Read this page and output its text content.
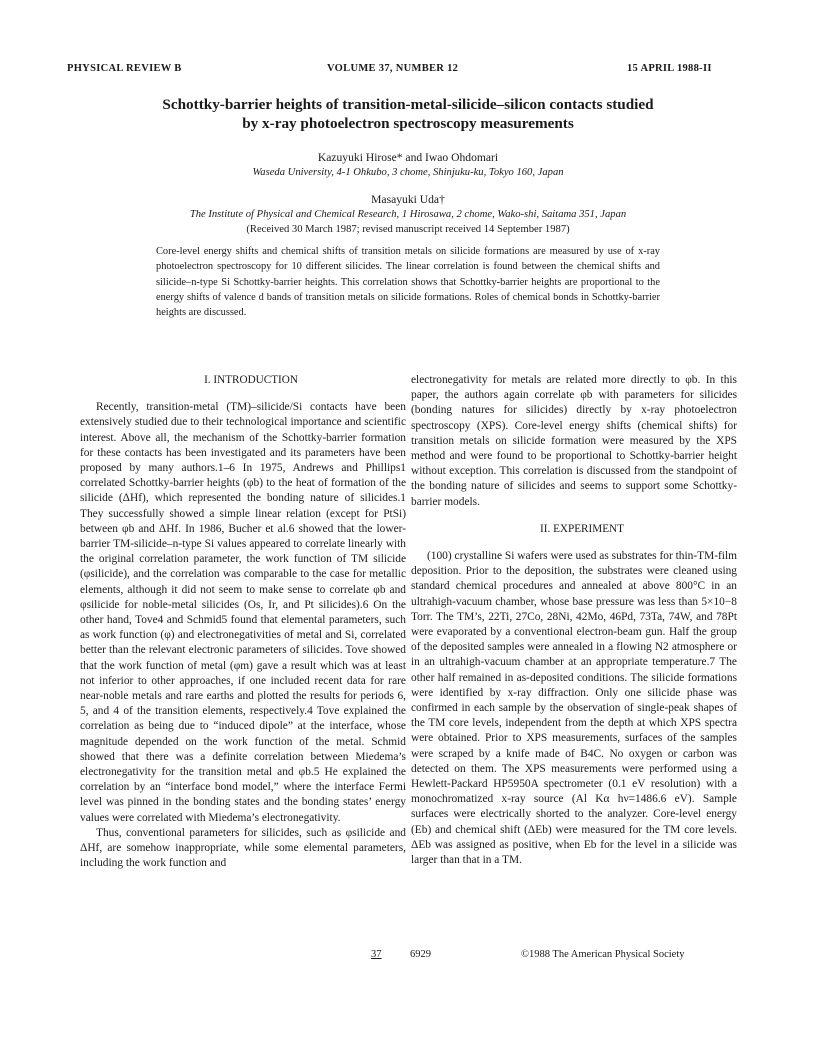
PHYSICAL REVIEW B	VOLUME 37, NUMBER 12	15 APRIL 1988-II
Schottky-barrier heights of transition-metal-silicide–silicon contacts studied
by x-ray photoelectron spectroscopy measurements
Kazuyuki Hirose* and Iwao Ohdomari
Waseda University, 4-1 Ohkubo, 3 chome, Shinjuku-ku, Tokyo 160, Japan
Masayuki Uda†
The Institute of Physical and Chemical Research, 1 Hirosawa, 2 chome, Wako-shi, Saitama 351, Japan
(Received 30 March 1987; revised manuscript received 14 September 1987)
Core-level energy shifts and chemical shifts of transition metals on silicide formations are measured by use of x-ray photoelectron spectroscopy for 10 different silicides. The linear correlation is found between the chemical shifts and silicide–n-type Si Schottky-barrier heights. This correlation shows that Schottky-barrier heights are proportional to the energy shifts of valence d bands of transition metals on silicide formations. Roles of chemical bonds in Schottky-barrier heights are discussed.

I. INTRODUCTION

Recently, transition-metal (TM)–silicide/Si contacts have been extensively studied due to their technological importance and scientific interest. Above all, the mechanism of the Schottky-barrier formation for these contacts has been investigated and its parameters have been proposed by many authors.1–6 In 1975, Andrews and Phillips1 correlated Schottky-barrier heights (φb) to the heat of formation of the silicide (ΔHf), which represented the bonding nature of silicides.1 They successfully showed a simple linear relation (except for PtSi) between φb and ΔHf. In 1986, Bucher et al.6 showed that the lower-barrier TM-silicide–n-type Si values appeared to correlate linearly with the original correlation parameter, the work function of TM silicide (φsilicide), and the correlation was comparable to the case for metallic elements, although it did not seem to make sense to correlate φb and φsilicide for noble-metal silicides (Os, Ir, and Pt silicides).6 On the other hand, Tove4 and Schmid5 found that elemental parameters, such as work function (φ) and electronegativities of metal and Si, correlated better than the relevant electronic parameters of silicides. Tove showed that the work function of metal (φm) gave a result which was at least not inferior to other approaches, if one included recent data for rare near-noble metals and rare earths and plotted the results for periods 6, 5, and 4 of the transition elements, respectively.4 Tove explained the correlation as being due to “induced dipole” at the interface, whose magnitude depended on the work function of the metal. Schmid showed that there was a definite correlation between Miedema’s electronegativity for the transition metal and φb.5 He explained the correlation by an “interface bond model,” where the interface Fermi level was pinned in the bonding states and the bonding states’ energy values were correlated with Miedema’s electronegativity.

Thus, conventional parameters for silicides, such as φsilicide and ΔHf, are somehow inappropriate, while some elemental parameters, including the work function and

electronegativity for metals are related more directly to φb. In this paper, the authors again correlate φb with parameters for silicides (bonding natures for silicides) directly by x-ray photoelectron spectroscopy (XPS). Core-level energy shifts (chemical shifts) for transition metals on silicide formation were measured by the XPS method and were found to be proportional to Schottky-barrier height without exception. This correlation is discussed from the standpoint of the bonding nature of silicides and seems to support some Schottky-barrier models.

II. EXPERIMENT

(100) crystalline Si wafers were used as substrates for thin-TM-film deposition. Prior to the deposition, the substrates were cleaned using standard chemical procedures and annealed at above 800°C in an ultrahigh-vacuum chamber, whose base pressure was less than 5×10−8 Torr. The TM’s, 22Ti, 27Co, 28Ni, 42Mo, 46Pd, 73Ta, 74W, and 78Pt were evaporated by a conventional electron-beam gun. Half the group of the deposited samples were annealed in a flowing N2 atmosphere or in an ultrahigh-vacuum chamber at an appropriate temperature.7 The other half remained in as-deposited conditions. The silicide formations were identified by x-ray diffraction. Only one silicide phase was confirmed in each sample by the observation of single-peak shapes of the TM core levels, independent from the depth at which XPS spectra were obtained. Prior to XPS measurements, surfaces of the samples were scraped by a knife made of B4C. No oxygen or carbon was detected on them. The XPS measurements were performed using a Hewlett-Packard HP5950A spectrometer (0.1 eV resolution) with a monochromatized x-ray source (Al Kα hν=1486.6 eV). Sample surfaces were electrically shorted to the analyzer. Core-level energy (Eb) and chemical shift (ΔEb) were measured for the TM core levels. ΔEb was assigned as positive, when Eb for the level in a silicide was larger than that in a TM.

37	6929	©1988 The American Physical Society
